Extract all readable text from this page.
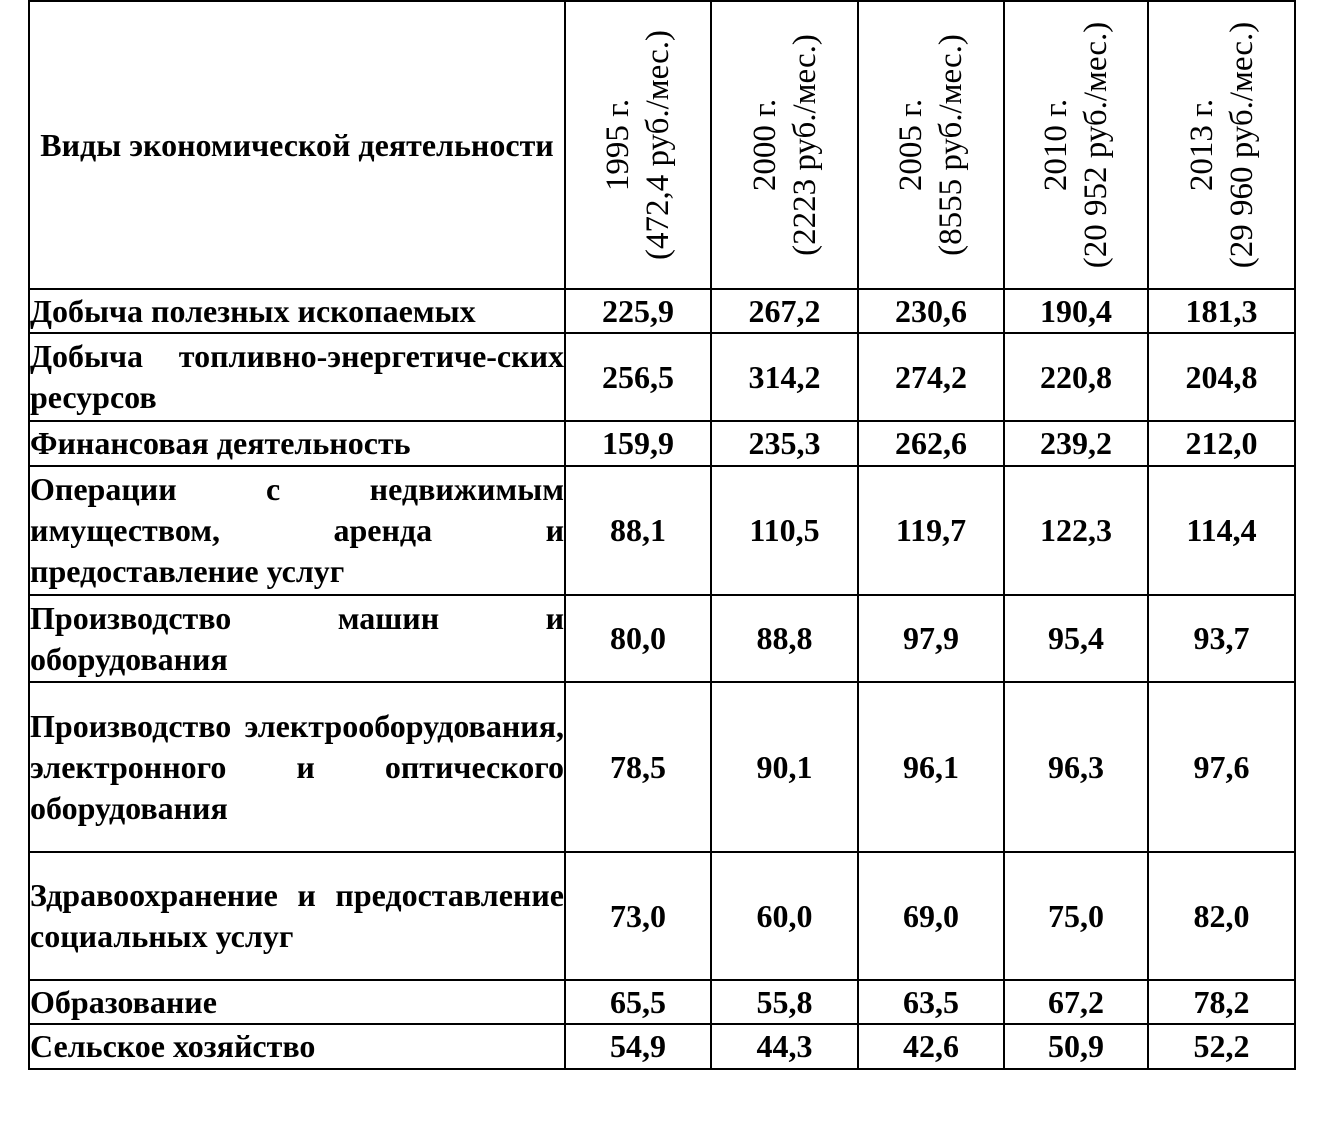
Виды экономической деятельности	1995 г. (472,4 руб./мес.)	2000 г. (2223 руб./мес.)	2005 г. (8555 руб./мес.)	2010 г. (20 952 руб./мес.)	2013 г. (29 960 руб./мес.)

Добыча полезных ископаемых	225,9	267,2	230,6	190,4	181,3
Добыча топливно-энергетиче-ских ресурсов	256,5	314,2	274,2	220,8	204,8
Финансовая деятельность	159,9	235,3	262,6	239,2	212,0
Операции с недвижимым имуществом, аренда и предоставление услуг	88,1	110,5	119,7	122,3	114,4
Производство машин и оборудования	80,0	88,8	97,9	95,4	93,7
Производство электрооборудования, электронного и оптического оборудования	78,5	90,1	96,1	96,3	97,6
Здравоохранение и предоставление социальных услуг	73,0	60,0	69,0	75,0	82,0
Образование	65,5	55,8	63,5	67,2	78,2
Сельское хозяйство	54,9	44,3	42,6	50,9	52,2
